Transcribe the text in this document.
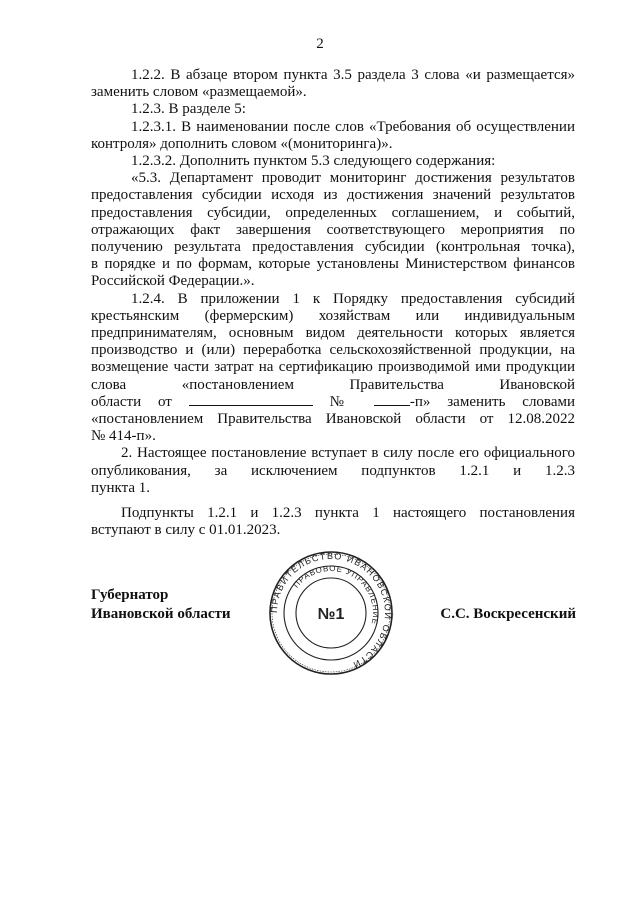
2

1.2.2. В абзаце втором пункта 3.5 раздела 3 слова «и размещается»

заменить словом «размещаемой».

1.2.3. В разделе 5:

1.2.3.1. В наименовании после слов «Требования об осуществлении

контроля» дополнить словом «(мониторинга)».

1.2.3.2. Дополнить пунктом 5.3 следующего содержания:

«5.3. Департамент проводит мониторинг достижения результатов предоставления субсидии исходя из достижения значений результатов предоставления субсидии, определенных соглашением, и событий, отражающих факт завершения соответствующего мероприятия по получению результата предоставления субсидии (контрольная точка),

в порядке и по формам, которые установлены Министерством финансов Российской Федерации.».

1.2.4. В приложении 1 к Порядку предоставления субсидий крестьянским (фермерским) хозяйствам или индивидуальным предпринимателям, основным видом деятельности которых является производство и (или) переработка сельскохозяйственной продукции, на возмещение части затрат на сертификацию производимой ими продукции слова «постановлением Правительства Ивановской

области от	№	-п» заменить словами

«постановлением Правительства Ивановской области от 12.08.2022

№ 414-п».

2. Настоящее постановление вступает в силу после его официального опубликования, за исключением подпунктов 1.2.1 и 1.2.3

пункта 1.

Подпункты 1.2.1 и 1.2.3 пункта 1 настоящего постановления

вступают в силу с 01.01.2023.

Губернатор
Ивановской области	ПРАВИТЕЛЬСТВО ИВАНОВСКОЙ ОБЛАСТИ
ПРАВОВОЕ УПРАВЛЕНИЕ
№1	С.С. Воскресенский
